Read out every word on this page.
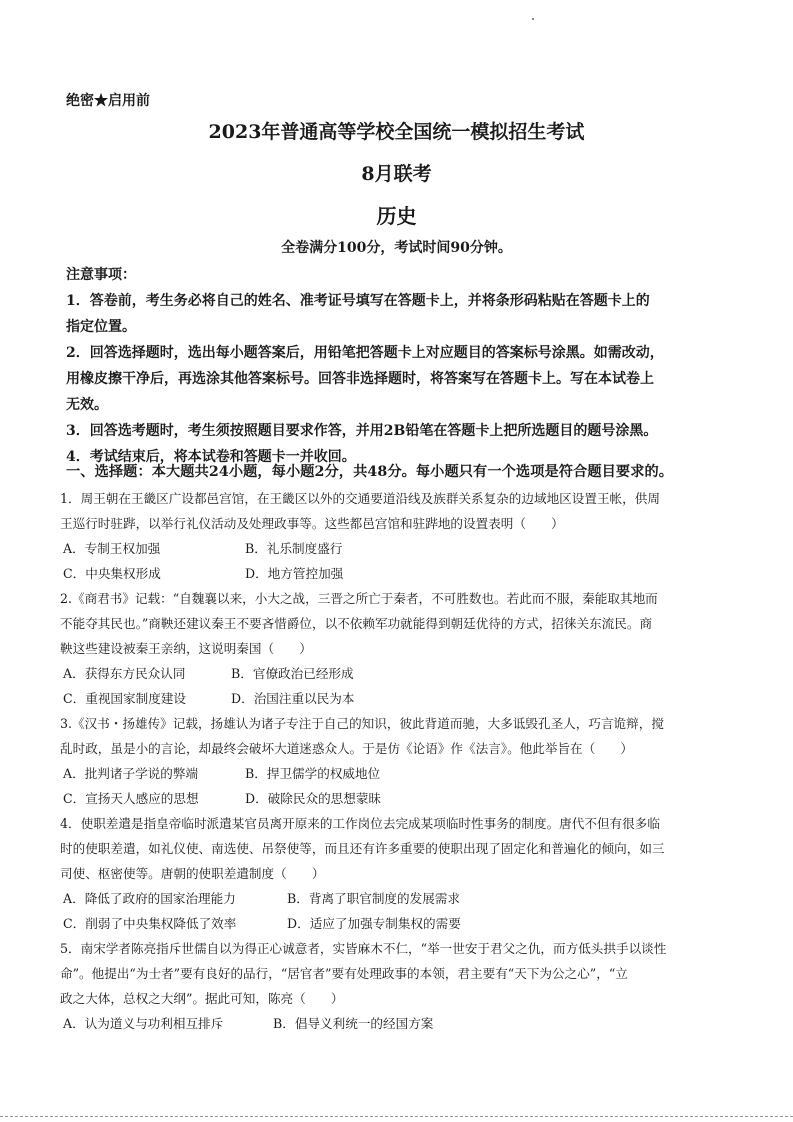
绝密★启用前
2023年普通高等学校全国统一模拟招生考试
8月联考
历史
全卷满分100分，考试时间90分钟。
注意事项：
1．答卷前，考生务必将自己的姓名、准考证号填写在答题卡上，并将条形码粘贴在答题卡上的
指定位置。
2．回答选择题时，选出每小题答案后，用铅笔把答题卡上对应题目的答案标号涂黑。如需改动，
用橡皮擦干净后，再选涂其他答案标号。回答非选择题时，将答案写在答题卡上。写在本试卷上
无效。
3．回答选考题时，考生须按照题目要求作答，并用2B铅笔在答题卡上把所选题目的题号涂黑。
4．考试结束后，将本试卷和答题卡一并收回。
一、选择题：本大题共24小题，每小题2分，共48分。每小题只有一个选项是符合题目要求的。
1．周王朝在王畿区广设都邑宫馆，在王畿区以外的交通要道沿线及族群关系复杂的边域地区设置王帐，供周
王巡行时驻跸，以举行礼仪活动及处理政事等。这些都邑宫馆和驻跸地的设置表明（　　）
A．专制王权加强	B．礼乐制度盛行
C．中央集权形成	D．地方管控加强
2.《商君书》记载：“自魏襄以来，小大之战，三晋之所亡于秦者，不可胜数也。若此而不服，秦能取其地而
不能夺其民也。”商鞅还建议秦王不要吝惜爵位，以不依赖军功就能得到朝廷优待的方式，招徕关东流民。商
鞅这些建设被秦王亲纳，这说明秦国（　　）
A．获得东方民众认同	B．官僚政治已经形成
C．重视国家制度建设	D．治国注重以民为本
3.《汉书・扬雄传》记载，扬雄认为诸子专注于自己的知识，彼此背道而驰，大多诋毁孔圣人，巧言诡辩，搅
乱时政，虽是小的言论，却最终会破坏大道迷惑众人。于是仿《论语》作《法言》。他此举旨在（　　）
A．批判诸子学说的弊端	B．捍卫儒学的权威地位
C．宣扬天人感应的思想	D．破除民众的思想蒙昧
4．使职差遣是指皇帝临时派遣某官员离开原来的工作岗位去完成某项临时性事务的制度。唐代不但有很多临
时的使职差遣，如礼仪使、南选使、吊祭使等，而且还有许多重要的使职出现了固定化和普遍化的倾向，如三
司使、枢密使等。唐朝的使职差遣制度（　　）
A．降低了政府的国家治理能力	B．背离了职官制度的发展需求
C．削弱了中央集权降低了效率	D．适应了加强专制集权的需要
5．南宋学者陈亮指斥世儒自以为得正心诚意者，实皆麻木不仁，“举一世安于君父之仇，而方低头拱手以谈性
命”。他提出“为士者”要有良好的品行，“居官者”要有处理政事的本领，君主要有“天下为公之心”，“立
政之大体，总权之大纲”。据此可知，陈亮（　　）
A．认为道义与功利相互排斥	B．倡导义利统一的经国方案
